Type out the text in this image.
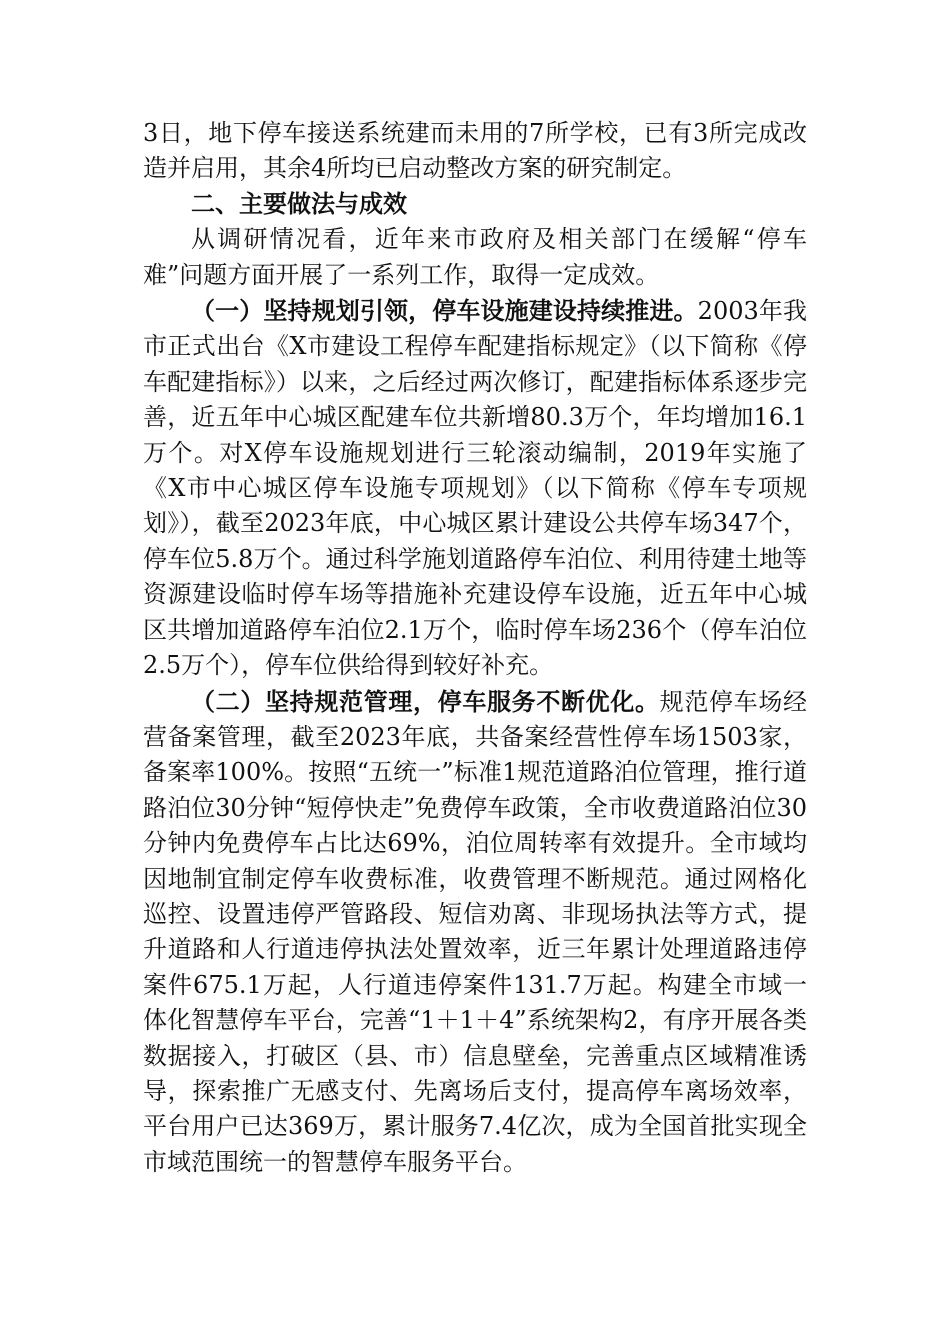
3日，地下停车接送系统建而未用的7所学校，已有3所完成改造并启用，其余4所均已启动整改方案的研究制定。

二、主要做法与成效

从调研情况看，近年来市政府及相关部门在缓解“停车难”问题方面开展了一系列工作，取得一定成效。

（一）坚持规划引领，停车设施建设持续推进。2003年我市正式出台《X市建设工程停车配建指标规定》（以下简称《停车配建指标》）以来，之后经过两次修订，配建指标体系逐步完善，近五年中心城区配建车位共新增80.3万个，年均增加16.1万个。对X停车设施规划进行三轮滚动编制，2019年实施了《X市中心城区停车设施专项规划》（以下简称《停车专项规划》），截至2023年底，中心城区累计建设公共停车场347个，停车位5.8万个。通过科学施划道路停车泊位、利用待建土地等资源建设临时停车场等措施补充建设停车设施，近五年中心城区共增加道路停车泊位2.1万个，临时停车场236个（停车泊位2.5万个），停车位供给得到较好补充。

（二）坚持规范管理，停车服务不断优化。规范停车场经营备案管理，截至2023年底，共备案经营性停车场1503家，备案率100%。按照“五统一”标准1规范道路泊位管理，推行道路泊位30分钟“短停快走”免费停车政策，全市收费道路泊位30分钟内免费停车占比达69%，泊位周转率有效提升。全市域均因地制宜制定停车收费标准，收费管理不断规范。通过网格化巡控、设置违停严管路段、短信劝离、非现场执法等方式，提升道路和人行道违停执法处置效率，近三年累计处理道路违停案件675.1万起，人行道违停案件131.7万起。构建全市域一体化智慧停车平台，完善“1＋1＋4”系统架构2，有序开展各类数据接入，打破区（县、市）信息壁垒，完善重点区域精准诱导，探索推广无感支付、先离场后支付，提高停车离场效率，平台用户已达369万，累计服务7.4亿次，成为全国首批实现全市域范围统一的智慧停车服务平台。
